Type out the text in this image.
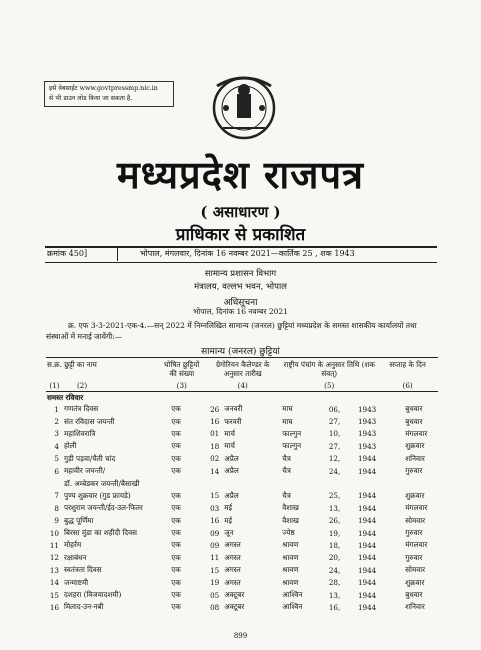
इसे वेबसाईट www.govtpressmp.nic.in
से भी डाउन लोड किया जा सकता है.
मध्यप्रदेश राजपत्र
( असाधारण )
प्राधिकार से प्रकाशित
क्रमांक 450]	भोपाल, मंगलवार, दिनांक 16 नवम्बर 2021—कार्तिक 25 , शक 1943
सामान्य प्रशासन विभाग
मंत्रालय, वल्लभ भवन, भोपाल
अधिसूचना
भोपाल, दिनांक 16 नवम्बर 2021
क्र. एफ 3-3-2021-एक-4.—सन् 2022 में निम्नलिखित सामान्य (जनरल) छुट्टियां मध्यप्रदेश के समस्त शासकीय कार्यालयों तथा संस्थाओं में मनाई जायेंगी:—
सामान्य (जनरल) छुट्टियां
स.क्र. छुट्टी का नाम		घोषित छुट्टियों की संख्या	ग्रेगोरियन कैलेण्डर के अनुसार तारीख		राष्ट्रीय पंचांग के अनुसार तिथि (शक संवत्)			सप्ताह के दिन
(1)	(2)	(3)	(4)		(5)			(6)
समस्त रविवार								
1	गणतंत्र दिवस	एक	26	जनवरी	माघ	06,	1943	बुधवार
2	संत रविदास जयन्ती	एक	16	फरवरी	माघ	27,	1943	बुधवार
3	महाशिवरात्रि	एक	01	मार्च	फाल्गुन	10,	1943	मंगलवार
4	होली	एक	18	मार्च	फाल्गुन	27,	1943	शुक्रवार
5	गुड़ी पड़वा/चैती चांद	एक	02	अप्रैल	चैत्र	12,	1944	शनिवार
6	महावीर जयन्ती/	एक	14	अप्रैल	चैत्र	24,	1944	गुरुवार
	डॉ. अम्बेडकर जयन्ती/बैसाखी							
7	पुण्य शुक्रवार (गुड फ्रायडे)	एक	15	अप्रैल	चैत्र	25,	1944	शुक्रवार
8	परशुराम जयन्ती/ईद-उल-फितर	एक	03	मई	वैशाख	13,	1944	मंगलवार
9	बुद्ध पूर्णिमा	एक	16	मई	वैशाख	26,	1944	सोमवार
10	बिरसा मुंडा का शहीदी दिवस	एक	09	जून	ज्येष्ठ	19,	1944	गुरुवार
11	मोहर्रम	एक	09	अगस्त	श्रावण	18,	1944	मंगलवार
12	रक्षाबंधन	एक	11	अगस्त	श्रावण	20,	1944	गुरुवार
13	स्वतंत्रता दिवस	एक	15	अगस्त	श्रावण	24,	1944	सोमवार
14	जन्माष्टमी	एक	19	अगस्त	श्रावण	28,	1944	शुक्रवार
15	दशहरा (विजयादशमी)	एक	05	अक्टूबर	आश्विन	13,	1944	बुधवार
16	मिलाद-उन-नबी	एक	08	अक्टूबर	आश्विन	16,	1944	शनिवार
899
